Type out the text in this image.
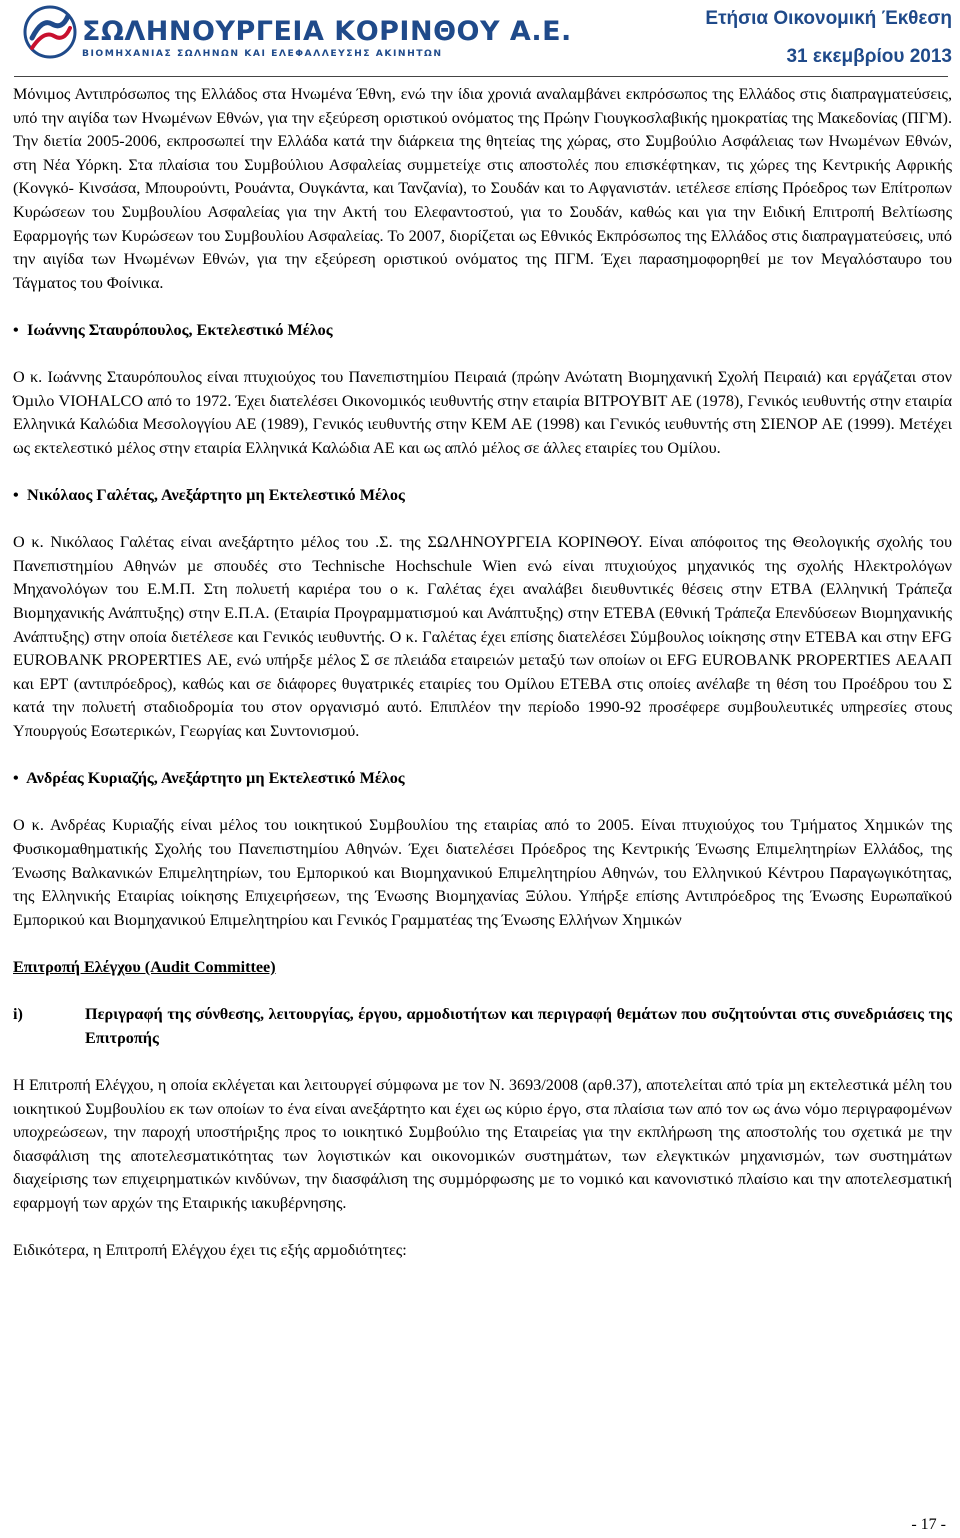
ΣΩΛΗΝΟΥΡΓΕΙΑ ΚΟΡΙΝΘΟΥ Α.Ε.
ΒΙΟΜΗΧΑΝΙΑΣ ΣΩΛΗΝΩΝ ΚΑΙ ΕΛΕΦΑΛΛΕΥΣΗΣ ΑΚΙΝΗΤΩΝ
Ετήσια Οικονομική Έκθεση
31 εκεμβρίου 2013

Μόνιμος Αντιπρόσωπος της Ελλάδος στα Ηνωμένα Έθνη, ενώ την ίδια χρονιά αναλαμβάνει εκπρόσωπος της Ελλάδος στις διαπραγματεύσεις, υπό την αιγίδα των Ηνωμένων Εθνών, για την εξεύρεση οριστικού ονόματος της Πρώην Γιουγκοσλαβικής ηµοκρατίας της Μακεδονίας (ΠΓΜ). Την διετία 2005-2006, εκπροσωπεί την Ελλάδα κατά την διάρκεια της θητείας της χώρας, στο Συµβούλιο Ασφάλειας των Ηνωµένων Εθνών, στη Νέα Υόρκη. Στα πλαίσια του Συµβούλιου Ασφαλείας συµµετείχε στις αποστολές που επισκέφτηκαν, τις χώρες της Κεντρικής Αφρικής (Κονγκό- Κινσάσα, Μπουρούντι, Ρουάντα, Ουγκάντα, και Τανζανία), το Σουδάν και το Αφγανιστάν. ιετέλεσε επίσης Πρόεδρος των Επίτροπων Κυρώσεων του Συµβουλίου Ασφαλείας για την Ακτή του Ελεφαντοστού, για το Σουδάν, καθώς και για την Ειδική Επιτροπή Βελτίωσης Εφαρµογής των Κυρώσεων του Συµβουλίου Ασφαλείας. Το 2007, διορίζεται ως Εθνικός Εκπρόσωπος της Ελλάδος στις διαπραγµατεύσεις, υπό την αιγίδα των Ηνωµένων Εθνών, για την εξεύρεση οριστικού ονόµατος της ΠΓΜ. Έχει παρασηµοφορηθεί µε τον Μεγαλόσταυρο του Τάγµατος του Φοίνικα.

• Ιωάννης Σταυρόπουλος, Εκτελεστικό Μέλος

Ο κ. Ιωάννης Σταυρόπουλος είναι πτυχιούχος του Πανεπιστηµίου Πειραιά (πρώην Ανώτατη Βιοµηχανική Σχολή Πειραιά) και εργάζεται στον Όµιλο VIOHALCO από το 1972. Έχει διατελέσει Οικονοµικός ιευθυντής στην εταιρία ΒΙΤΡΟΥΒΙΤ ΑΕ (1978), Γενικός ιευθυντής στην εταιρία Ελληνικά Καλώδια Μεσολογγίου ΑΕ (1989), Γενικός ιευθυντής στην ΚΕΜ ΑΕ (1998) και Γενικός ιευθυντής στη ΣΙΕΝΟΡ ΑΕ (1999). Μετέχει ως εκτελεστικό µέλος στην εταιρία Ελληνικά Καλώδια ΑΕ και ως απλό µέλος σε άλλες εταιρίες του Οµίλου.

• Νικόλαος Γαλέτας, Ανεξάρτητο µη Εκτελεστικό Μέλος

Ο κ. Νικόλαος Γαλέτας είναι ανεξάρτητο µέλος του .Σ. της ΣΩΛΗΝΟΥΡΓΕΙΑ ΚΟΡΙΝΘΟΥ. Είναι απόφοιτος της Θεολογικής σχολής του Πανεπιστηµίου Αθηνών µε σπουδές στο Technische Hochschule Wien ενώ είναι πτυχιούχος µηχανικός της σχολής Ηλεκτρολόγων Μηχανολόγων του Ε.Μ.Π. Στη πολυετή καριέρα του ο κ. Γαλέτας έχει αναλάβει διευθυντικές θέσεις στην ΕΤΒΑ (Ελληνική Τράπεζα Βιοµηχανικής Ανάπτυξης) στην Ε.Π.Α. (Εταιρία Προγραµµατισµού και Ανάπτυξης) στην ΕΤΕΒΑ (Εθνική Τράπεζα Επενδύσεων Βιοµηχανικής Ανάπτυξης) στην οποία διετέλεσε και Γενικός ιευθυντής. Ο κ. Γαλέτας έχει επίσης διατελέσει Σύµβουλος ιοίκησης στην ΕΤΕΒΑ και στην EFG EUROBANK PROPERTIES ΑΕ, ενώ υπήρξε µέλος Σ σε πλειάδα εταιρειών µεταξύ των οποίων οι EFG EUROBANK PROPERTIES ΑΕΑΑΠ και ΕΡΤ (αντιπρόεδρος), καθώς και σε διάφορες θυγατρικές εταιρίες του Οµίλου ΕΤΕΒΑ στις οποίες ανέλαβε τη θέση του Προέδρου του Σ κατά την πολυετή σταδιοδροµία του στον οργανισµό αυτό. Επιπλέον την περίοδο 1990-92 προσέφερε συµβουλευτικές υπηρεσίες στους Υπουργούς Εσωτερικών, Γεωργίας και Συντονισµού.

• Ανδρέας Κυριαζής, Ανεξάρτητο µη Εκτελεστικό Μέλος

Ο κ. Ανδρέας Κυριαζής είναι µέλος του ιοικητικού Συµβουλίου της εταιρίας από το 2005. Είναι πτυχιούχος του Τµήµατος Χηµικών της Φυσικοµαθηµατικής Σχολής του Πανεπιστηµίου Αθηνών. Έχει διατελέσει Πρόεδρος της Κεντρικής Ένωσης Επιµελητηρίων Ελλάδος, της Ένωσης Βαλκανικών Επιµελητηρίων, του Εµπορικού και Βιοµηχανικού Επιµελητηρίου Αθηνών, του Ελληνικού Κέντρου Παραγωγικότητας, της Ελληνικής Εταιρίας ιοίκησης Επιχειρήσεων, της Ένωσης Βιοµηχανίας Ξύλου. Υπήρξε επίσης Αντιπρόεδρος της Ένωσης Ευρωπαϊκού Εµπορικού και Βιοµηχανικού Επιµελητηρίου και Γενικός Γραµµατέας της Ένωσης Ελλήνων Χηµικών

Επιτροπή Ελέγχου (Audit Committee)

i)	Περιγραφή της σύνθεσης, λειτουργίας, έργου, αρµοδιοτήτων και περιγραφή θεµάτων που συζητούνται στις συνεδριάσεις της Επιτροπής

Η Επιτροπή Ελέγχου, η οποία εκλέγεται και λειτουργεί σύµφωνα µε τον Ν. 3693/2008 (αρθ.37), αποτελείται από τρία µη εκτελεστικά µέλη του ιοικητικού Συµβουλίου εκ των οποίων το ένα είναι ανεξάρτητο και έχει ως κύριο έργο, στα πλαίσια των από τον ως άνω νόµο περιγραφοµένων υποχρεώσεων, την παροχή υποστήριξης προς το ιοικητικό Συµβούλιο της Εταιρείας για την εκπλήρωση της αποστολής του σχετικά µε την διασφάλιση της αποτελεσµατικότητας των λογιστικών και οικονοµικών συστηµάτων, των ελεγκτικών µηχανισµών, των συστηµάτων διαχείρισης των επιχειρηµατικών κινδύνων, την διασφάλιση της συµµόρφωσης µε το νοµικό και κανονιστικό πλαίσιο και την αποτελεσµατική εφαρµογή των αρχών της Εταιρικής ιακυβέρνησης.

Ειδικότερα, η Επιτροπή Ελέγχου έχει τις εξής αρµοδιότητες:

- 17 -
